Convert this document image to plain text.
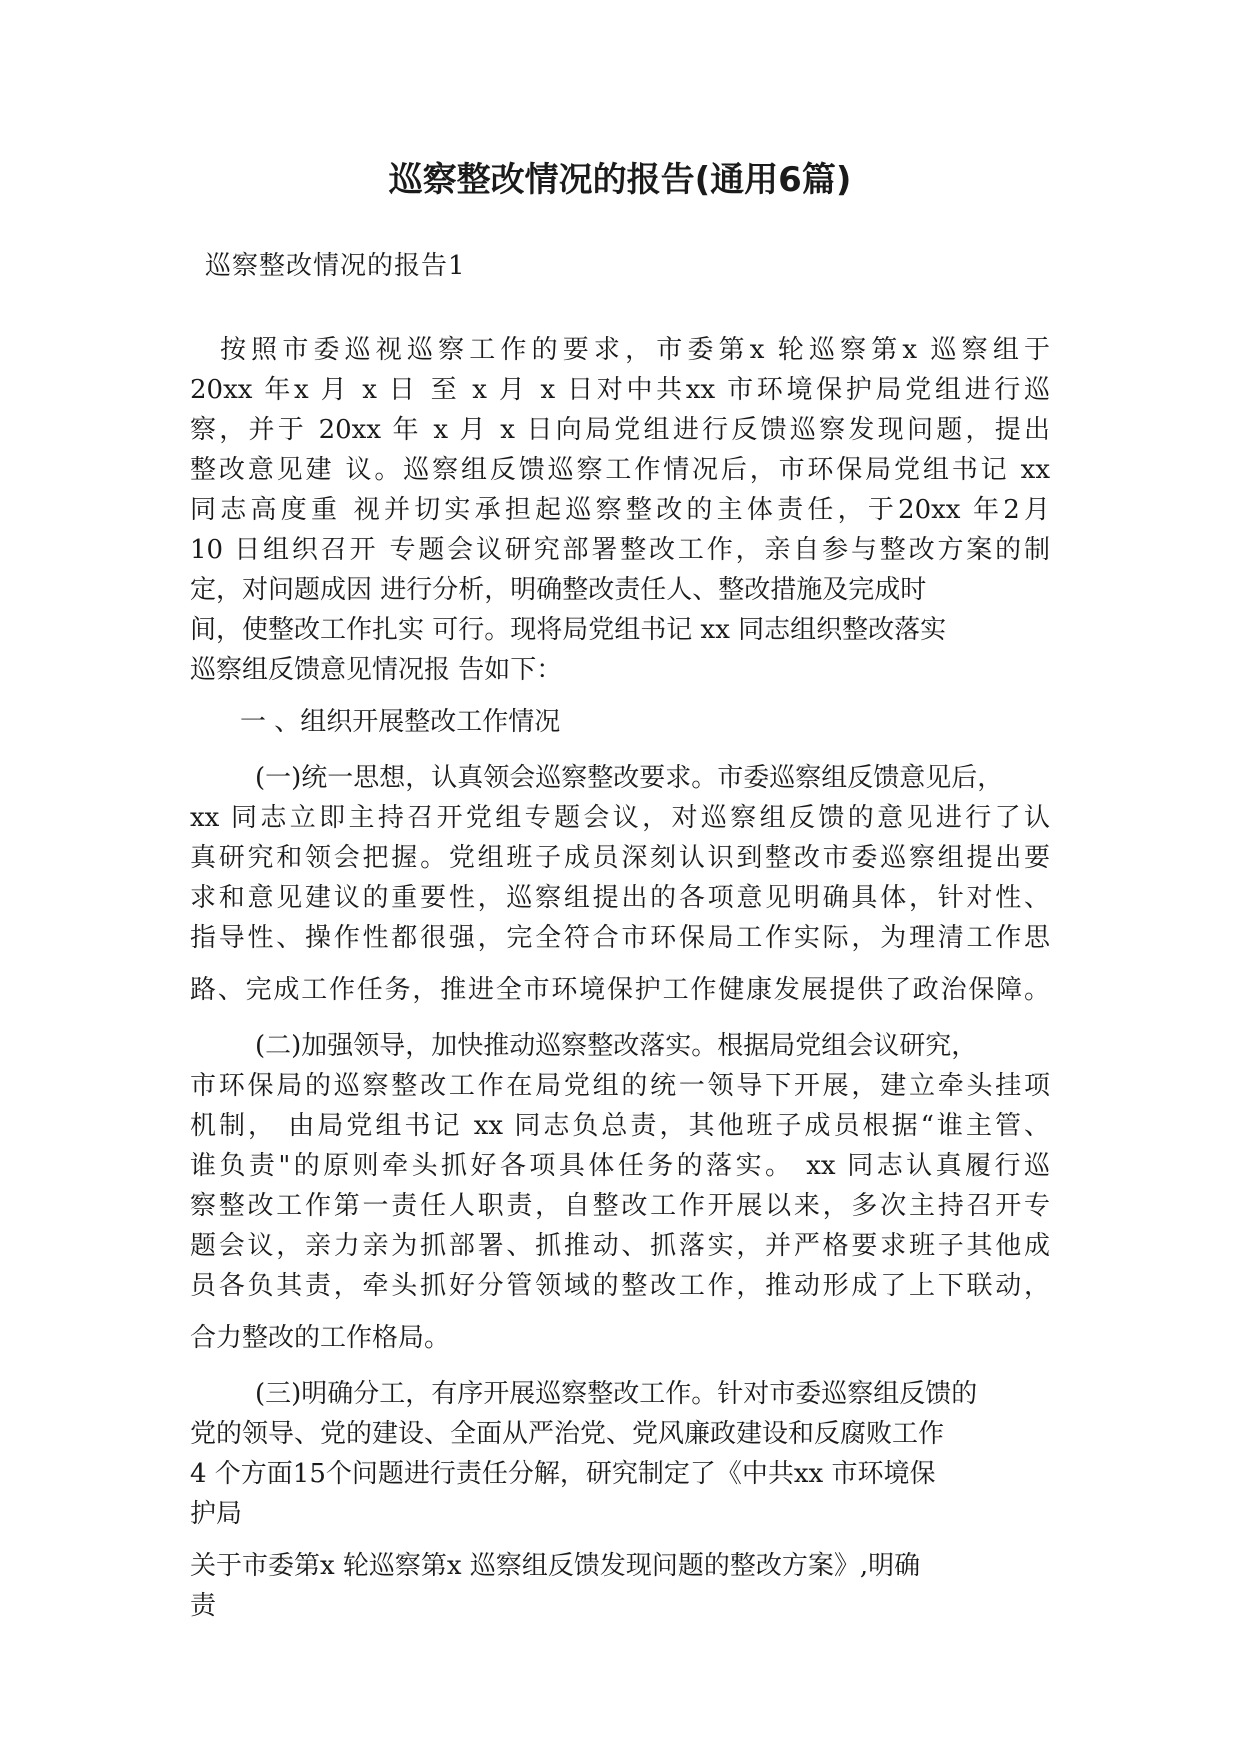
巡察整改情况的报告(通用6篇)

巡察整改情况的报告1

按照市委巡视巡察工作的要求，市委第x 轮巡察第x 巡察组于

20xx 年x 月 x 日 至 x 月 x 日对中共xx 市环境保护局党组进行巡

察，并于 20xx 年 x 月 x 日向局党组进行反馈巡察发现问题，提出

整改意见建 议。巡察组反馈巡察工作情况后，市环保局党组书记 xx

同志高度重 视并切实承担起巡察整改的主体责任，于20xx 年2月

10 日组织召开 专题会议研究部署整改工作，亲自参与整改方案的制

定，对问题成因 进行分析，明确整改责任人、整改措施及完成时

间，使整改工作扎实 可行。现将局党组书记 xx 同志组织整改落实

巡察组反馈意见情况报 告如下：

一 、组织开展整改工作情况

(一)统一思想，认真领会巡察整改要求。市委巡察组反馈意见后，

xx 同志立即主持召开党组专题会议，对巡察组反馈的意见进行了认

真研究和领会把握。党组班子成员深刻认识到整改市委巡察组提出要

求和意见建议的重要性，巡察组提出的各项意见明确具体，针对性、

指导性、操作性都很强，完全符合市环保局工作实际，为理清工作思

路、完成工作任务，推进全市环境保护工作健康发展提供了政治保障。

(二)加强领导，加快推动巡察整改落实。根据局党组会议研究，

市环保局的巡察整改工作在局党组的统一领导下开展，建立牵头挂项

机制， 由局党组书记 xx 同志负总责，其他班子成员根据“谁主管、

谁负责"的原则牵头抓好各项具体任务的落实。 xx 同志认真履行巡

察整改工作第一责任人职责，自整改工作开展以来，多次主持召开专

题会议，亲力亲为抓部署、抓推动、抓落实，并严格要求班子其他成

员各负其责，牵头抓好分管领域的整改工作，推动形成了上下联动，

合力整改的工作格局。

(三)明确分工，有序开展巡察整改工作。针对市委巡察组反馈的

党的领导、党的建设、全面从严治党、党风廉政建设和反腐败工作

4 个方面15个问题进行责任分解，研究制定了《中共xx 市环境保

护局

关于市委第x 轮巡察第x 巡察组反馈发现问题的整改方案》,明确

责
